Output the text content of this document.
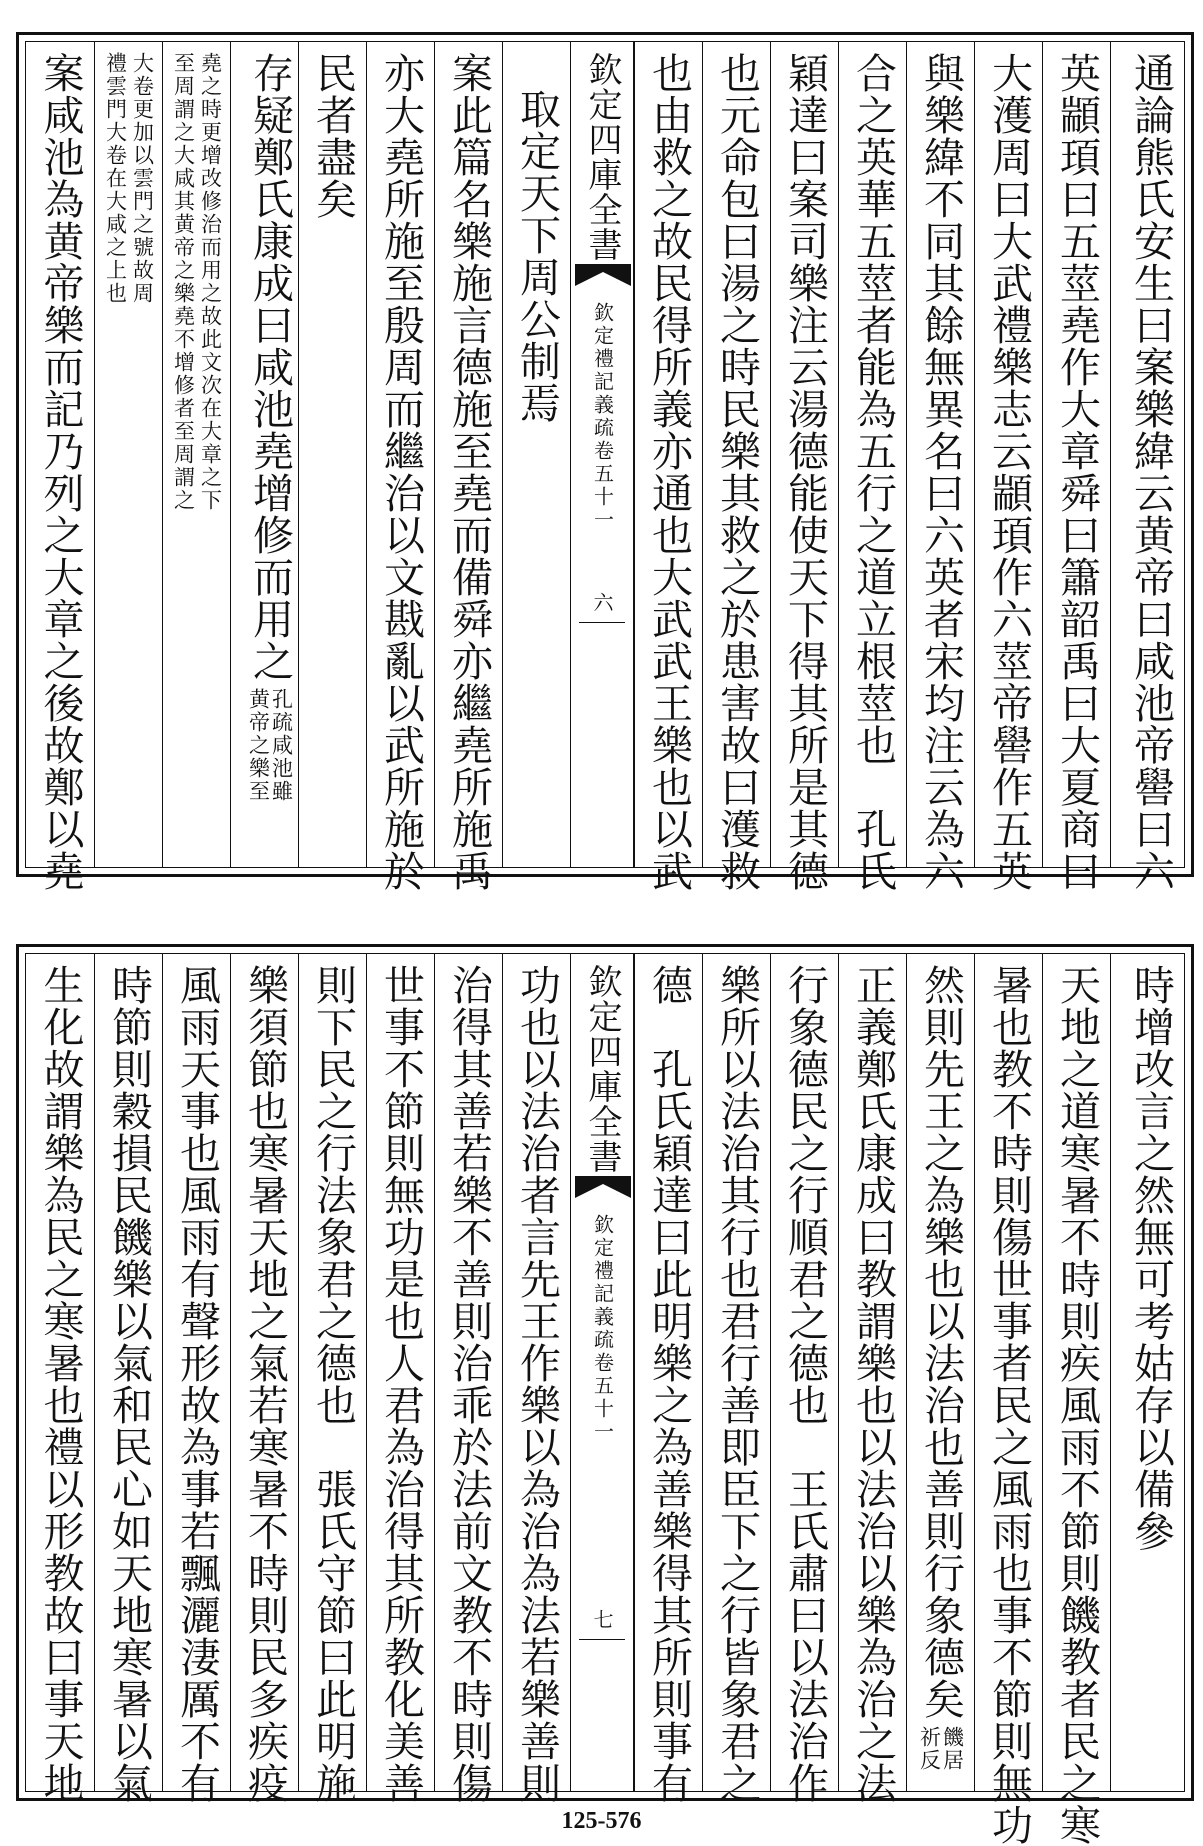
案咸池為黄帝樂而記乃列之大章之後故鄭以堯 大卷更加以雲門之號故周
禮雲門大卷在大咸之上也	堯之時更增改修治而用之故此文次在大章之下
至周謂之大咸其黄帝之樂堯不增修者至周謂之 存疑鄭氏康成曰咸池堯增修而用之
孔疏咸池雖
黄帝之樂至
民者盡矣 亦大堯所施至殷周而繼治以文戡亂以武所施於 案此篇名樂施言德施至堯而備舜亦繼堯所施禹 取定天下周公制焉 欽定四庫全書
欽定禮記義疏卷五十一
六 也由救之故民得所義亦通也大武武王樂也以武 也元命包曰湯之時民樂其救之於患害故曰濩救 穎達曰案司樂注云湯德能使天下得其所是其德 合之英華五莖者能為五行之道立根莖也　孔氏 與樂緯不同其餘無異名曰六英者宋均注云為六 大濩周曰大武禮樂志云顓頊作六莖帝嚳作五英 英顓頊曰五莖堯作大章舜曰簫韶禹曰大夏商曰 通論熊氏安生曰案樂緯云黄帝曰咸池帝嚳曰六
生化故謂樂為民之寒暑也禮以形教故曰事天地 時節則穀損民饑樂以氣和民心如天地寒暑以氣 風雨天事也風雨有聲形故為事若飄灑淒厲不有 樂須節也寒暑天地之氣若寒暑不時則民多疾疫 則下民之行法象君之德也　張氏守節曰此明施 世事不節則無功是也人君為治得其所教化美善 治得其善若樂不善則治乖於法前文教不時則傷 功也以法治者言先王作樂以為治為法若樂善則 欽定四庫全書
欽定禮記義疏卷五十一
七 德　孔氏穎達曰此明樂之為善樂得其所則事有 樂所以法治其行也君行善即臣下之行皆象君之 行象德民之行順君之德也　王氏肅曰以法治作 正義鄭氏康成曰教謂樂也以法治以樂為治之法 然則先王之為樂也以法治也善則行象德矣
饑居
祈反 暑也教不時則傷世事者民之風雨也事不節則無功 天地之道寒暑不時則疾風雨不節則饑教者民之寒 時增改言之然無可考姑存以備參
125-576
